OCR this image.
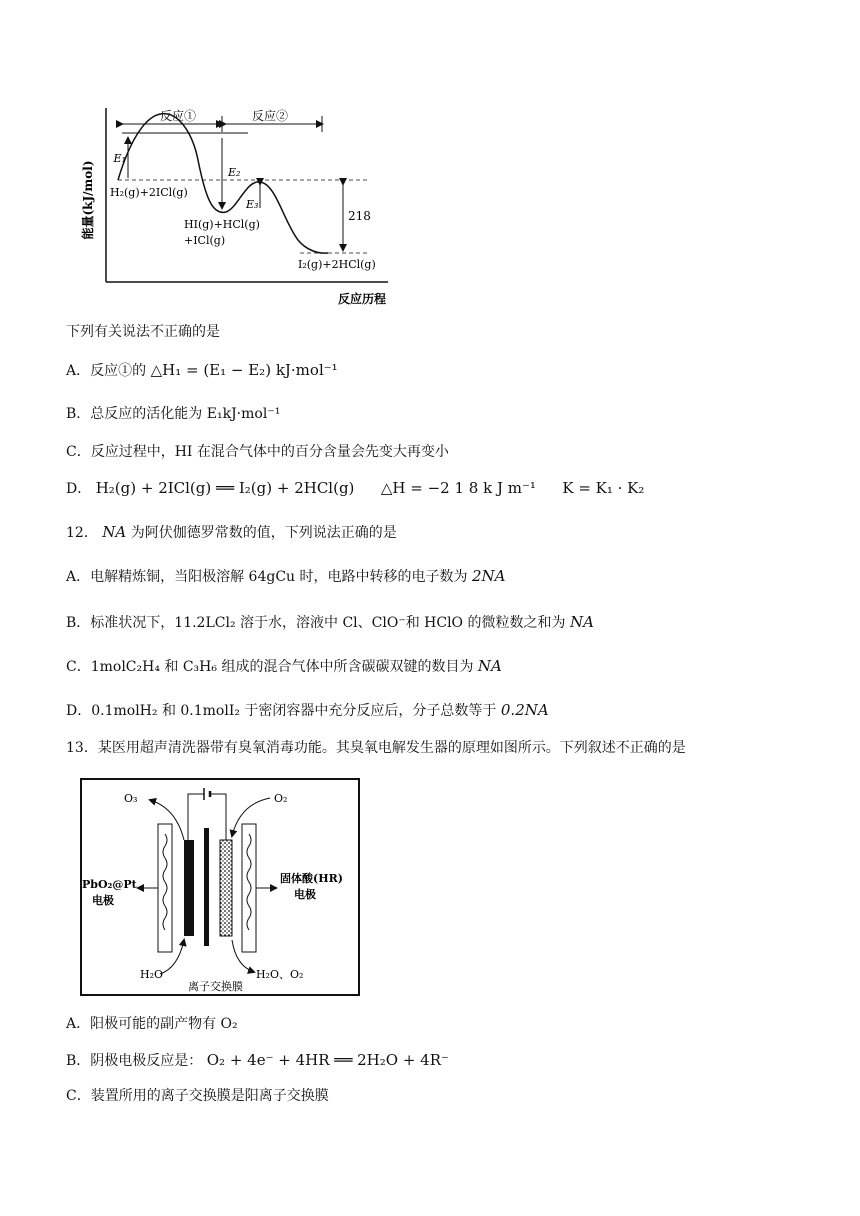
能量(kJ/mol)
反应历程
反应①	反应②
E₁
E₂
E₃
218
H₂(g)+2ICl(g)
HI(g)+HCl(g)
+ICl(g)
I₂(g)+2HCl(g)
下列有关说法不正确的是
A．反应①的 △H₁ = (E₁ − E₂) kJ·mol⁻¹
B．总反应的活化能为 E₁kJ·mol⁻¹
C．反应过程中，HI 在混合气体中的百分含量会先变大再变小
D． H₂(g) + 2ICl(g) ══ I₂(g) + 2HCl(g) △H = −2 1 8 k J m⁻¹ K = K₁ · K₂
12． NA 为阿伏伽德罗常数的值，下列说法正确的是
A．电解精炼铜，当阳极溶解 64gCu 时，电路中转移的电子数为 2NA
B．标准状况下，11.2LCl₂ 溶于水，溶液中 Cl、ClO⁻和 HClO 的微粒数之和为 NA
C．1molC₂H₄ 和 C₃H₆ 组成的混合气体中所含碳碳双键的数目为 NA
D．0.1molH₂ 和 0.1molI₂ 于密闭容器中充分反应后，分子总数等于 0.2NA
13．某医用超声清洗器带有臭氧消毒功能。其臭氧电解发生器的原理如图所示。下列叙述不正确的是
O₃	O₂
PbO₂@Pt
电极
固体酸(HR)
电极
H₂O	H₂O、O₂
离子交换膜
A．阳极可能的副产物有 O₂
B．阴极电极反应是： O₂ + 4e⁻ + 4HR ══ 2H₂O + 4R⁻
C．装置所用的离子交换膜是阳离子交换膜
